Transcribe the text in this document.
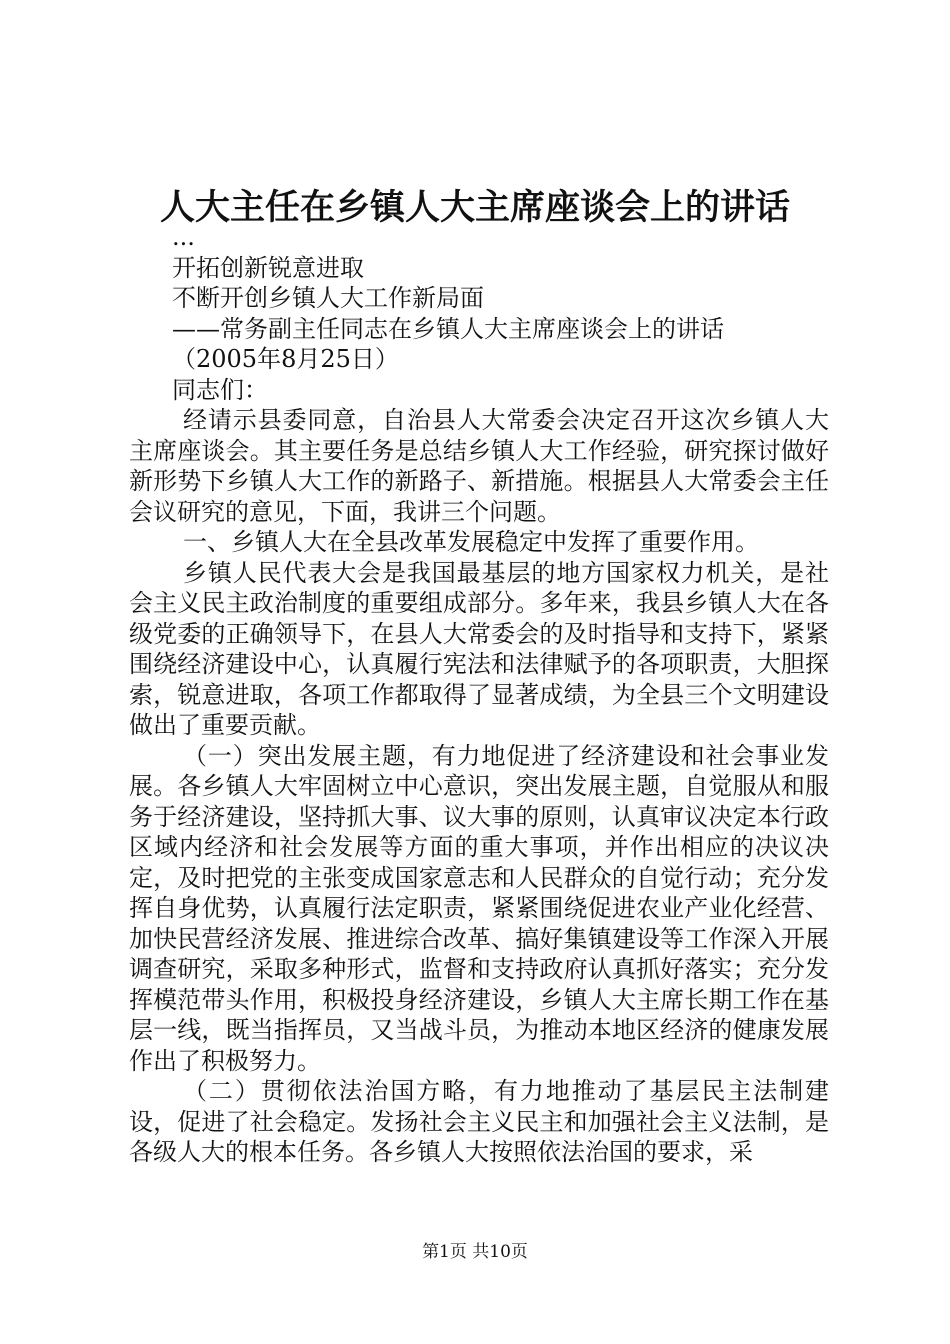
人大主任在乡镇人大主席座谈会上的讲话

...

开拓创新锐意进取

不断开创乡镇人大工作新局面

——常务副主任同志在乡镇人大主席座谈会上的讲话

（2005年8月25日）

同志们：

经请示县委同意，自治县人大常委会决定召开这次乡镇人大主席座谈会。其主要任务是总结乡镇人大工作经验，研究探讨做好新形势下乡镇人大工作的新路子、新措施。根据县人大常委会主任会议研究的意见，下面，我讲三个问题。

一、乡镇人大在全县改革发展稳定中发挥了重要作用。

乡镇人民代表大会是我国最基层的地方国家权力机关，是社会主义民主政治制度的重要组成部分。多年来，我县乡镇人大在各级党委的正确领导下，在县人大常委会的及时指导和支持下，紧紧围绕经济建设中心，认真履行宪法和法律赋予的各项职责，大胆探索，锐意进取，各项工作都取得了显著成绩，为全县三个文明建设做出了重要贡献。

（一）突出发展主题，有力地促进了经济建设和社会事业发展。各乡镇人大牢固树立中心意识，突出发展主题，自觉服从和服务于经济建设，坚持抓大事、议大事的原则，认真审议决定本行政区域内经济和社会发展等方面的重大事项，并作出相应的决议决定，及时把党的主张变成国家意志和人民群众的自觉行动；充分发挥自身优势，认真履行法定职责，紧紧围绕促进农业产业化经营、加快民营经济发展、推进综合改革、搞好集镇建设等工作深入开展调查研究，采取多种形式，监督和支持政府认真抓好落实；充分发挥模范带头作用，积极投身经济建设，乡镇人大主席长期工作在基层一线，既当指挥员，又当战斗员，为推动本地区经济的健康发展作出了积极努力。

（二）贯彻依法治国方略，有力地推动了基层民主法制建设，促进了社会稳定。发扬社会主义民主和加强社会主义法制，是各级人大的根本任务。各乡镇人大按照依法治国的要求，采

第1页 共10页
